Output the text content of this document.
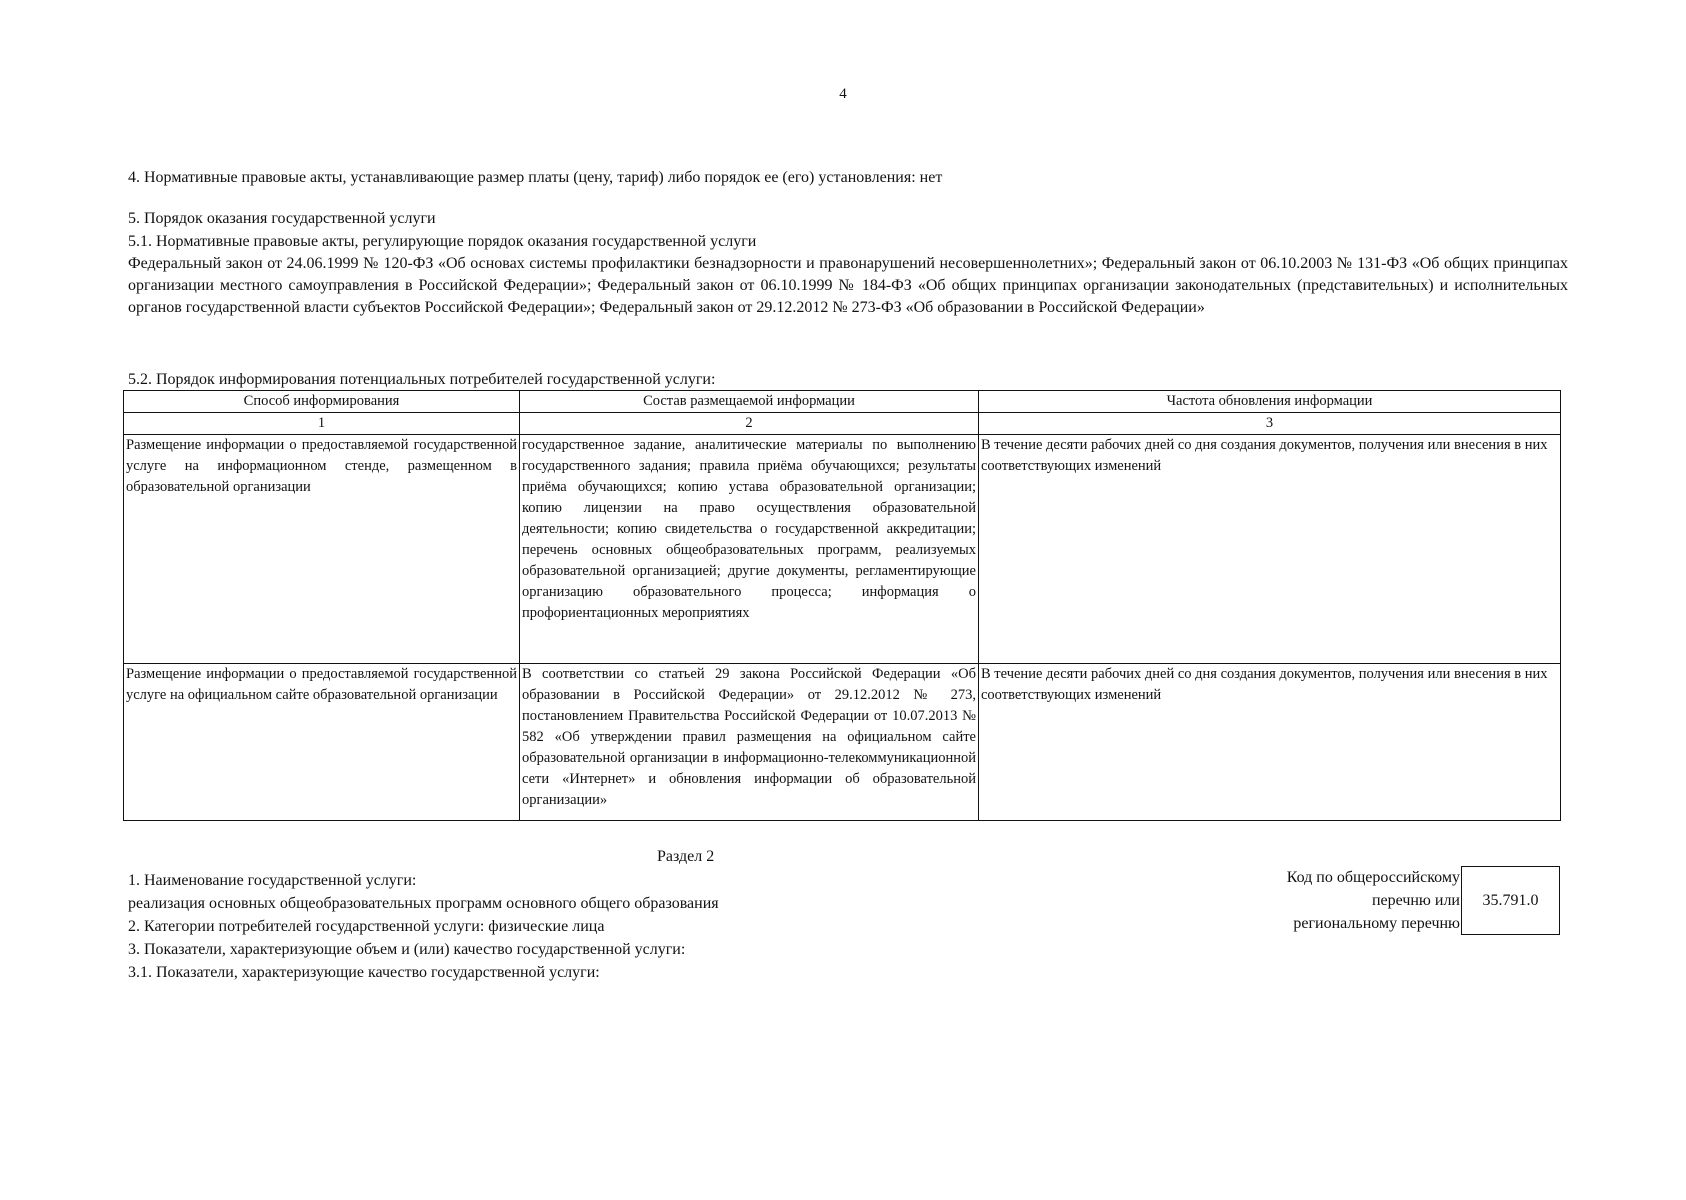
4
4. Нормативные правовые акты, устанавливающие размер платы (цену, тариф) либо порядок ее (его) установления: нет
5. Порядок оказания государственной услуги
5.1. Нормативные правовые акты, регулирующие порядок оказания государственной услуги
Федеральный закон от 24.06.1999 № 120-ФЗ «Об основах системы профилактики безнадзорности и правонарушений несовершеннолетних»; Федеральный закон от 06.10.2003 № 131-ФЗ «Об общих принципах организации местного самоуправления в Российской Федерации»; Федеральный закон от 06.10.1999 № 184-ФЗ «Об общих принципах организации законодательных (представительных) и исполнительных органов государственной власти субъектов Российской Федерации»; Федеральный закон от 29.12.2012 № 273-ФЗ «Об образовании в Российской Федерации»
5.2. Порядок информирования потенциальных потребителей государственной услуги:
Способ информирования	Состав размещаемой информации	Частота обновления информации
1	2	3
Размещение информации о предоставляемой государственной услуге на информационном стенде, размещенном в образовательной организации	государственное задание, аналитические материалы по выполнению государственного задания; правила приёма обучающихся; результаты приёма обучающихся; копию устава образовательной организации; копию лицензии на право осуществления образовательной деятельности; копию свидетельства о государственной аккредитации; перечень основных общеобразовательных программ, реализуемых образовательной организацией; другие документы, регламентирующие организацию образовательного процесса; информация о профориентационных мероприятиях	В течение десяти рабочих дней со дня создания документов, получения или внесения в них соответствующих изменений
Размещение информации о предоставляемой государственной услуге на официальном сайте образовательной организации	В соответствии со статьей 29 закона Российской Федерации «Об образовании в Российской Федерации» от 29.12.2012 № 273, постановлением Правительства Российской Федерации от 10.07.2013 № 582 «Об утверждении правил размещения на официальном сайте образовательной организации в информационно-телекоммуникационной сети «Интернет» и обновления информации об образовательной организации»	В течение десяти рабочих дней со дня создания документов, получения или внесения в них соответствующих изменений
Раздел 2
1. Наименование государственной услуги:
реализация основных общеобразовательных программ основного общего образования
2. Категории потребителей государственной услуги: физические лица
3. Показатели, характеризующие объем и (или) качество государственной услуги:
3.1. Показатели, характеризующие качество государственной услуги:
Код по общероссийскому
перечню или
региональному перечню
35.791.0
